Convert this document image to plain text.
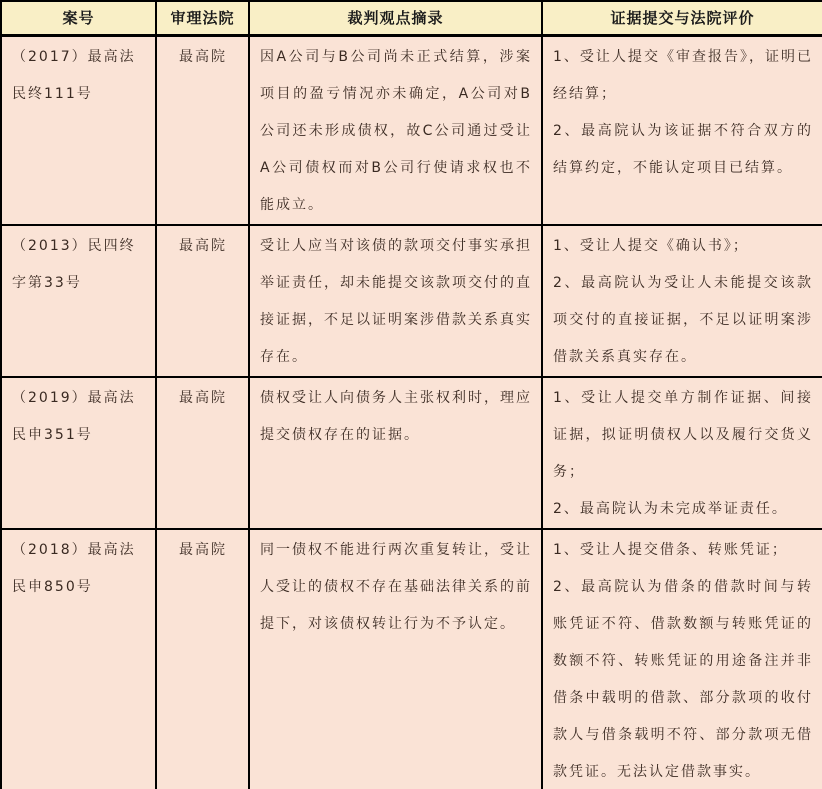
案号	审理法院	裁判观点摘录	证据提交与法院评价
（2017）最高法民终111号	最高院	因A公司与B公司尚未正式结算，涉案项目的盈亏情况亦未确定，A公司对B公司还未形成债权，故C公司通过受让A公司债权而对B公司行使请求权也不能成立。	1、受让人提交《审查报告》，证明已经结算；

2、最高院认为该证据不符合双方的结算约定，不能认定项目已结算。

（2013）民四终字第33号	最高院	受让人应当对该债的款项交付事实承担举证责任，却未能提交该款项交付的直接证据，不足以证明案涉借款关系真实存在。	1、受让人提交《确认书》；

2、最高院认为受让人未能提交该款项交付的直接证据，不足以证明案涉借款关系真实存在。

（2019）最高法民申351号	最高院	债权受让人向债务人主张权利时，理应提交债权存在的证据。	1、受让人提交单方制作证据、间接证据，拟证明债权人以及履行交货义务；

2、最高院认为未完成举证责任。

（2018）最高法民申850号	最高院	同一债权不能进行两次重复转让，受让人受让的债权不存在基础法律关系的前提下，对该债权转让行为不予认定。	1、受让人提交借条、转账凭证；

2、最高院认为借条的借款时间与转账凭证不符、借款数额与转账凭证的数额不符、转账凭证的用途备注并非借条中载明的借款、部分款项的收付款人与借条载明不符、部分款项无借款凭证。无法认定借款事实。
